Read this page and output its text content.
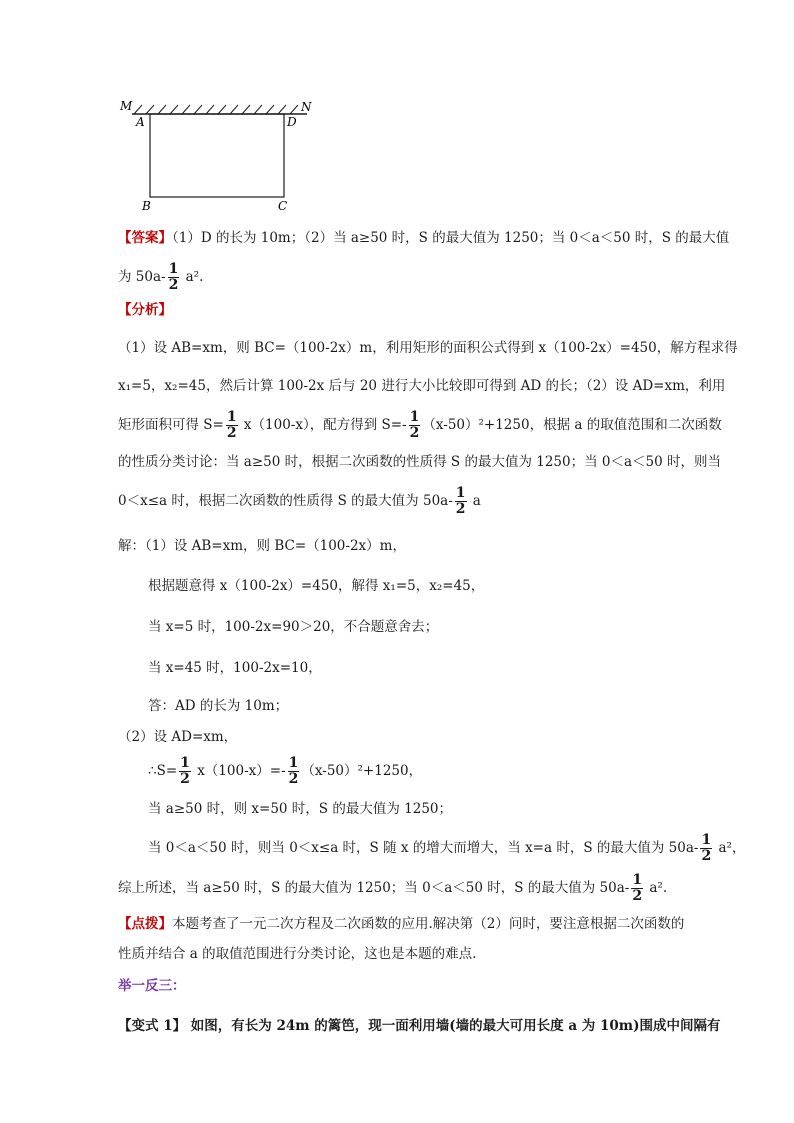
M	N
A	D
B	C
【答案】（1）D 的长为 10m；（2）当 a≥50 时，S 的最大值为 1250；当 0＜a＜50 时，S 的最大值
为 $50a- \frac{1}{2} a^2$.
【分析】
（1）设 AB=xm，则 BC=（100-2x）m，利用矩形的面积公式得到 x（100-2x）=450，解方程求得
x₁=5，x₂=45，然后计算 100-2x 后与 20 进行大小比较即可得到 AD 的长；（2）设 AD=xm，利用
矩形面积可得 $S= \frac{1}{2} x(100-x)$，配方得到 $S=- \frac{1}{2} (x-50)^2+1250$，根据 a 的取值范围和二次函数
的性质分类讨论：当 a≥50 时，根据二次函数的性质得 S 的最大值为 1250；当 0＜a＜50 时，则当
0＜x≤a 时，根据二次函数的性质得 S 的最大值为 $50a- \frac{1}{2}$ a
解：（1）设 AB=xm，则 BC=（100-2x）m，
根据题意得 x（100-2x）=450，解得 x₁=5，x₂=45，
当 x=5 时，100-2x=90＞20，不合题意舍去；
当 x=45 时，100-2x=10，
答：AD 的长为 10m；
（2）设 AD=xm，
∴S= $\frac{1}{2} x(100-x)=- \frac{1}{2} (x-50)^2+1250$，
当 a≥50 时，则 x=50 时，S 的最大值为 1250；
当 0＜a＜50 时，则当 0＜x≤a 时，S 随 x 的增大而增大，当 x=a 时，S 的最大值为 $50a- \frac{1}{2} a^2$，
综上所述，当 a≥50 时，S 的最大值为 1250；当 0＜a＜50 时，S 的最大值为 $50a- \frac{1}{2} a^2$.
【点拨】本题考查了一元二次方程及二次函数的应用.解决第（2）问时，要注意根据二次函数的
性质并结合 a 的取值范围进行分类讨论，这也是本题的难点.
举一反三：
【变式 1】 如图，有长为 24m 的篱笆，现一面利用墙(墙的最大可用长度 a 为 10m)围成中间隔有
